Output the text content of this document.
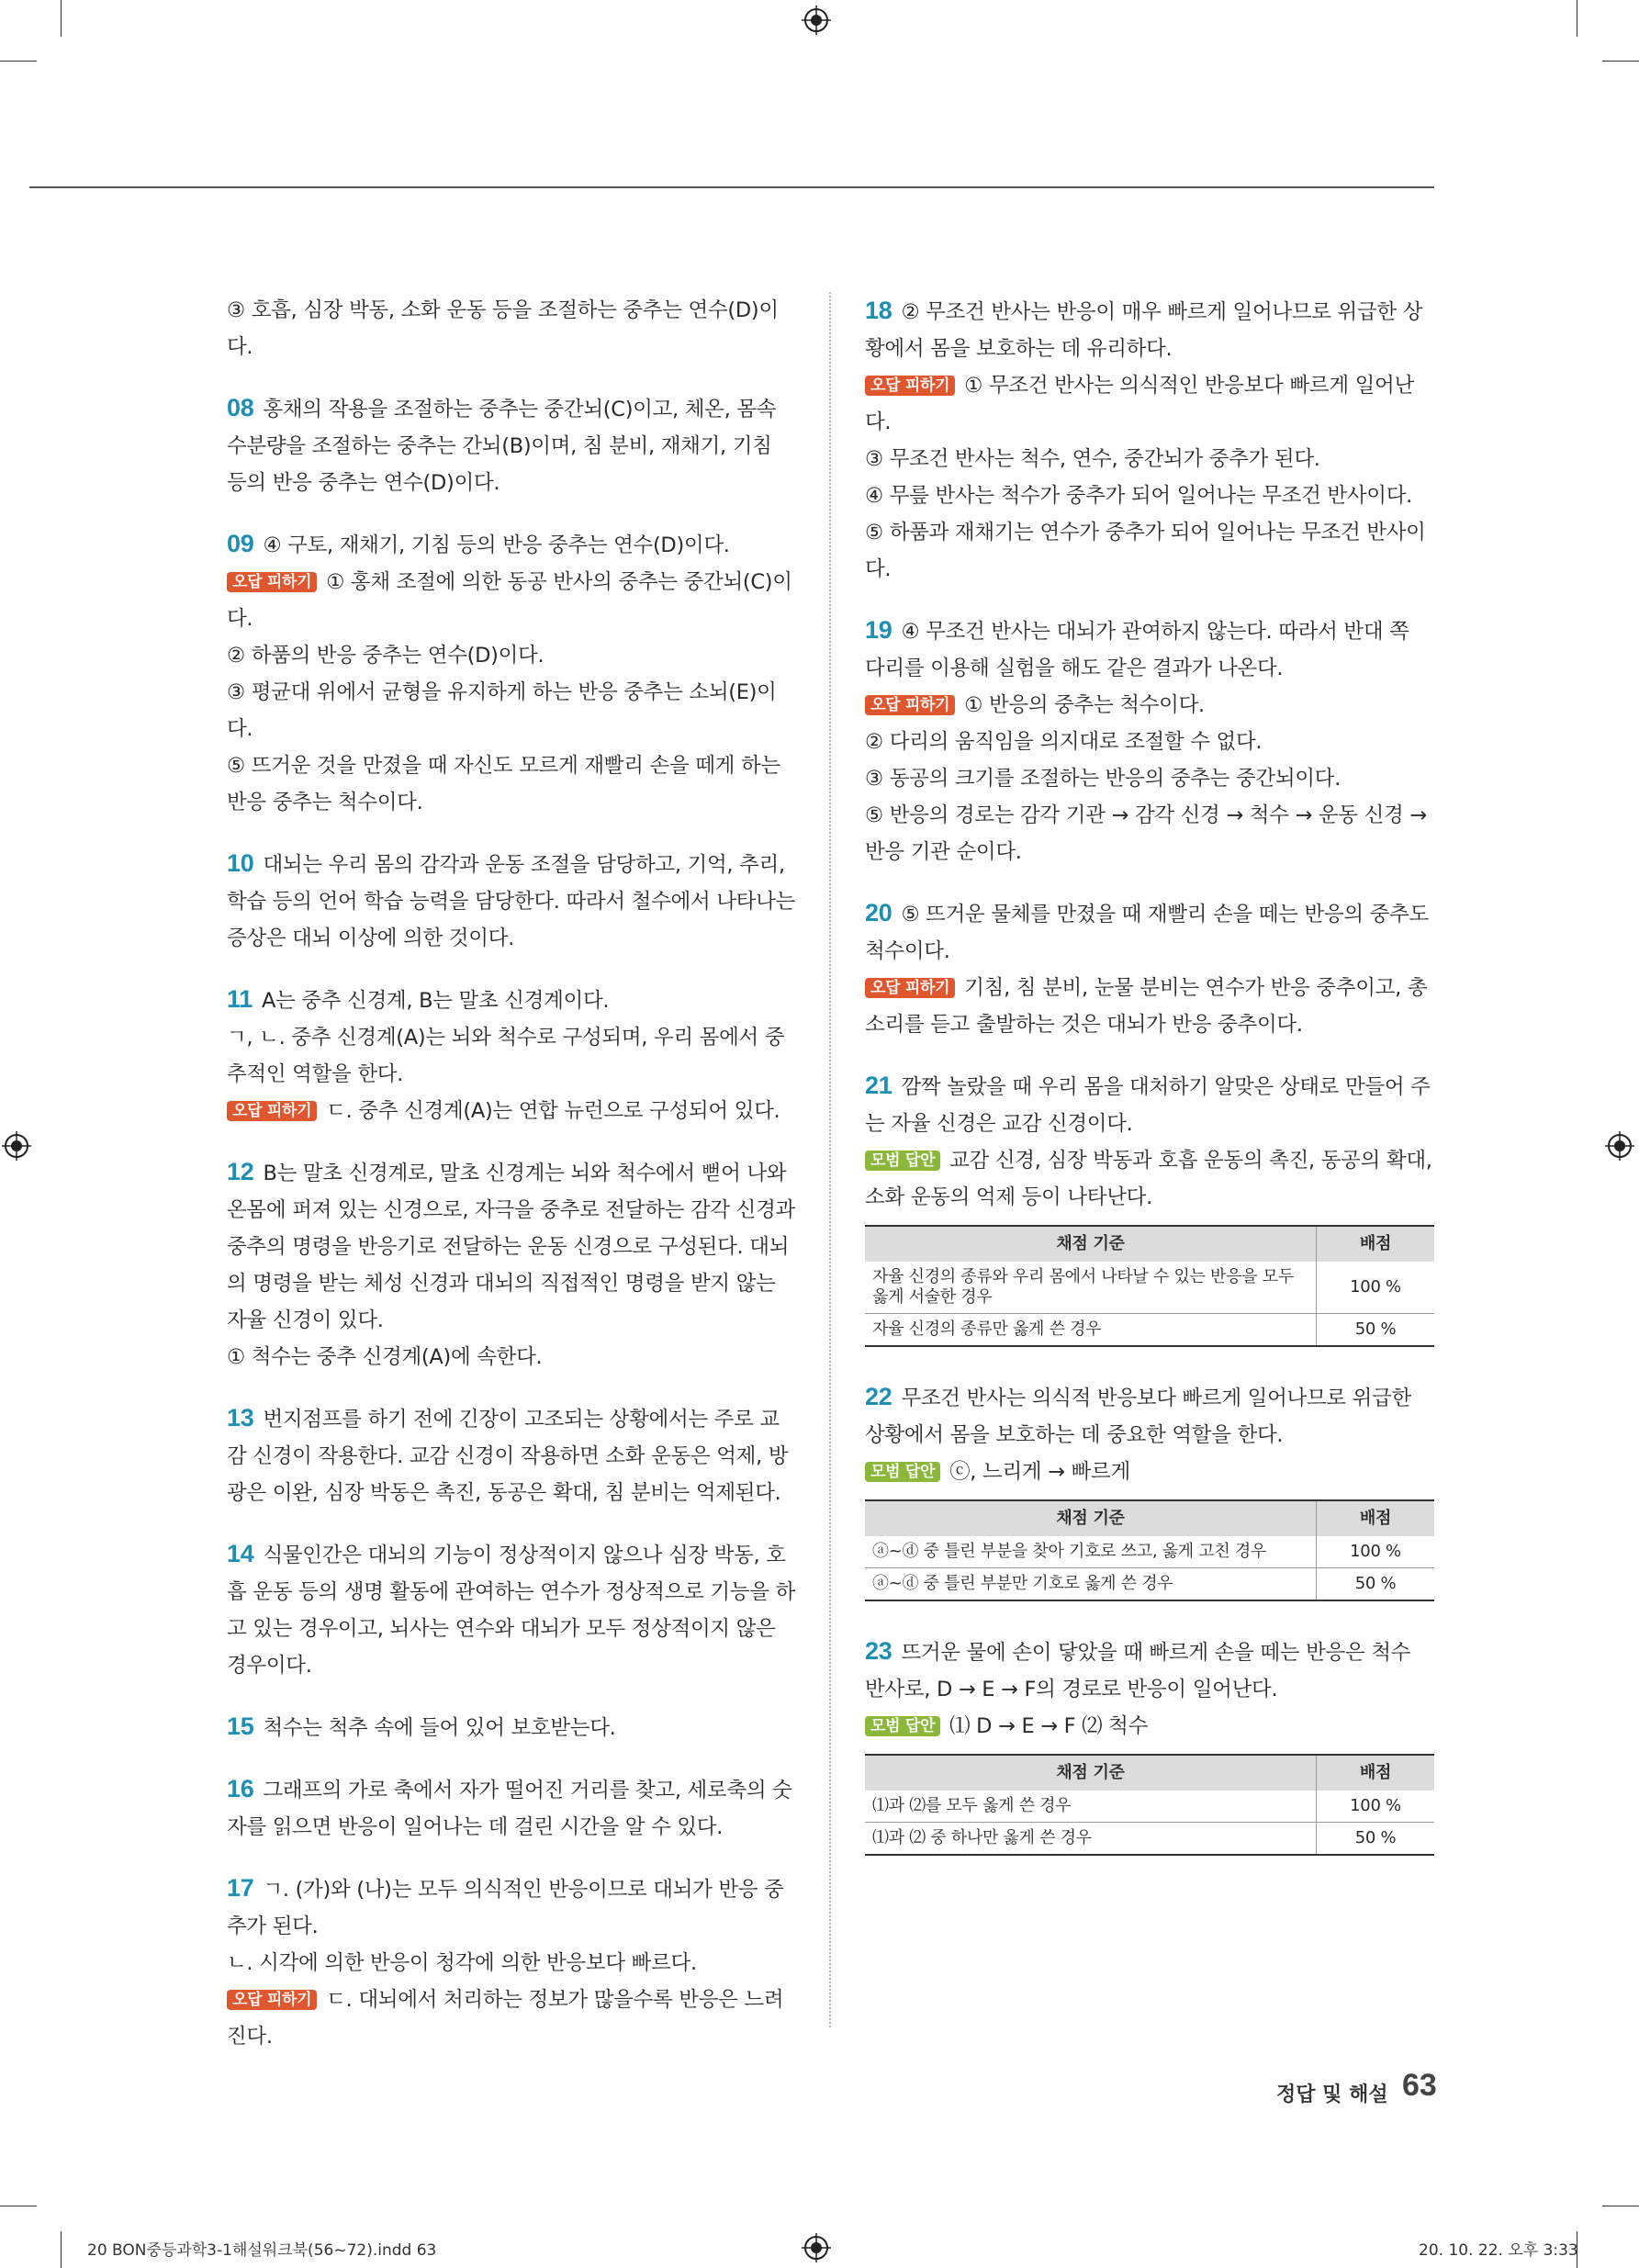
③ 호흡, 심장 박동, 소화 운동 등을 조절하는 중추는 연수(D)이다.

08 홍채의 작용을 조절하는 중추는 중간뇌(C)이고, 체온, 몸속 수분량을 조절하는 중추는 간뇌(B)이며, 침 분비, 재채기, 기침 등의 반응 중추는 연수(D)이다.

09 ④ 구토, 재채기, 기침 등의 반응 중추는 연수(D)이다.

오답 피하기 ① 홍채 조절에 의한 동공 반사의 중추는 중간뇌(C)이다.

② 하품의 반응 중추는 연수(D)이다.

③ 평균대 위에서 균형을 유지하게 하는 반응 중추는 소뇌(E)이다.

⑤ 뜨거운 것을 만졌을 때 자신도 모르게 재빨리 손을 떼게 하는 반응 중추는 척수이다.

10 대뇌는 우리 몸의 감각과 운동 조절을 담당하고, 기억, 추리, 학습 등의 언어 학습 능력을 담당한다. 따라서 철수에서 나타나는 증상은 대뇌 이상에 의한 것이다.

11 A는 중추 신경계, B는 말초 신경계이다.

ㄱ, ㄴ. 중추 신경계(A)는 뇌와 척수로 구성되며, 우리 몸에서 중추적인 역할을 한다.

오답 피하기 ㄷ. 중추 신경계(A)는 연합 뉴런으로 구성되어 있다.

12 B는 말초 신경계로, 말초 신경계는 뇌와 척수에서 뻗어 나와 온몸에 퍼져 있는 신경으로, 자극을 중추로 전달하는 감각 신경과 중추의 명령을 반응기로 전달하는 운동 신경으로 구성된다. 대뇌의 명령을 받는 체성 신경과 대뇌의 직접적인 명령을 받지 않는 자율 신경이 있다.

① 척수는 중추 신경계(A)에 속한다.

13 번지점프를 하기 전에 긴장이 고조되는 상황에서는 주로 교감 신경이 작용한다. 교감 신경이 작용하면 소화 운동은 억제, 방광은 이완, 심장 박동은 촉진, 동공은 확대, 침 분비는 억제된다.

14 식물인간은 대뇌의 기능이 정상적이지 않으나 심장 박동, 호흡 운동 등의 생명 활동에 관여하는 연수가 정상적으로 기능을 하고 있는 경우이고, 뇌사는 연수와 대뇌가 모두 정상적이지 않은 경우이다.

15 척수는 척추 속에 들어 있어 보호받는다.

16 그래프의 가로 축에서 자가 떨어진 거리를 찾고, 세로축의 숫자를 읽으면 반응이 일어나는 데 걸린 시간을 알 수 있다.

17 ㄱ. (가)와 (나)는 모두 의식적인 반응이므로 대뇌가 반응 중추가 된다.

ㄴ. 시각에 의한 반응이 청각에 의한 반응보다 빠르다.

오답 피하기 ㄷ. 대뇌에서 처리하는 정보가 많을수록 반응은 느려진다.

18 ② 무조건 반사는 반응이 매우 빠르게 일어나므로 위급한 상황에서 몸을 보호하는 데 유리하다.

오답 피하기 ① 무조건 반사는 의식적인 반응보다 빠르게 일어난다.

③ 무조건 반사는 척수, 연수, 중간뇌가 중추가 된다.

④ 무릎 반사는 척수가 중추가 되어 일어나는 무조건 반사이다.

⑤ 하품과 재채기는 연수가 중추가 되어 일어나는 무조건 반사이다.

19 ④ 무조건 반사는 대뇌가 관여하지 않는다. 따라서 반대 쪽 다리를 이용해 실험을 해도 같은 결과가 나온다.

오답 피하기 ① 반응의 중추는 척수이다.

② 다리의 움직임을 의지대로 조절할 수 없다.

③ 동공의 크기를 조절하는 반응의 중추는 중간뇌이다.

⑤ 반응의 경로는 감각 기관 → 감각 신경 → 척수 → 운동 신경 → 반응 기관 순이다.

20 ⑤ 뜨거운 물체를 만졌을 때 재빨리 손을 떼는 반응의 중추도 척수이다.

오답 피하기 기침, 침 분비, 눈물 분비는 연수가 반응 중추이고, 총소리를 듣고 출발하는 것은 대뇌가 반응 중추이다.

21 깜짝 놀랐을 때 우리 몸을 대처하기 알맞은 상태로 만들어 주는 자율 신경은 교감 신경이다.

모범 답안 교감 신경, 심장 박동과 호흡 운동의 촉진, 동공의 확대, 소화 운동의 억제 등이 나타난다.

채점 기준	배점
자율 신경의 종류와 우리 몸에서 나타날 수 있는 반응을 모두 옳게 서술한 경우	100 %
자율 신경의 종류만 옳게 쓴 경우	50 %

22 무조건 반사는 의식적 반응보다 빠르게 일어나므로 위급한 상황에서 몸을 보호하는 데 중요한 역할을 한다.

모범 답안 ⓒ, 느리게 → 빠르게

채점 기준	배점
ⓐ~ⓓ 중 틀린 부분을 찾아 기호로 쓰고, 옳게 고친 경우	100 %
ⓐ~ⓓ 중 틀린 부분만 기호로 옳게 쓴 경우	50 %

23 뜨거운 물에 손이 닿았을 때 빠르게 손을 떼는 반응은 척수 반사로, D → E → F의 경로로 반응이 일어난다.

모범 답안 ⑴ D → E → F ⑵ 척수

채점 기준	배점
⑴과 ⑵를 모두 옳게 쓴 경우	100 %
⑴과 ⑵ 중 하나만 옳게 쓴 경우	50 %
정답 및 해설 63
20 BON중등과학3-1해설워크북(56~72).indd 63	20. 10. 22. 오후 3:33
